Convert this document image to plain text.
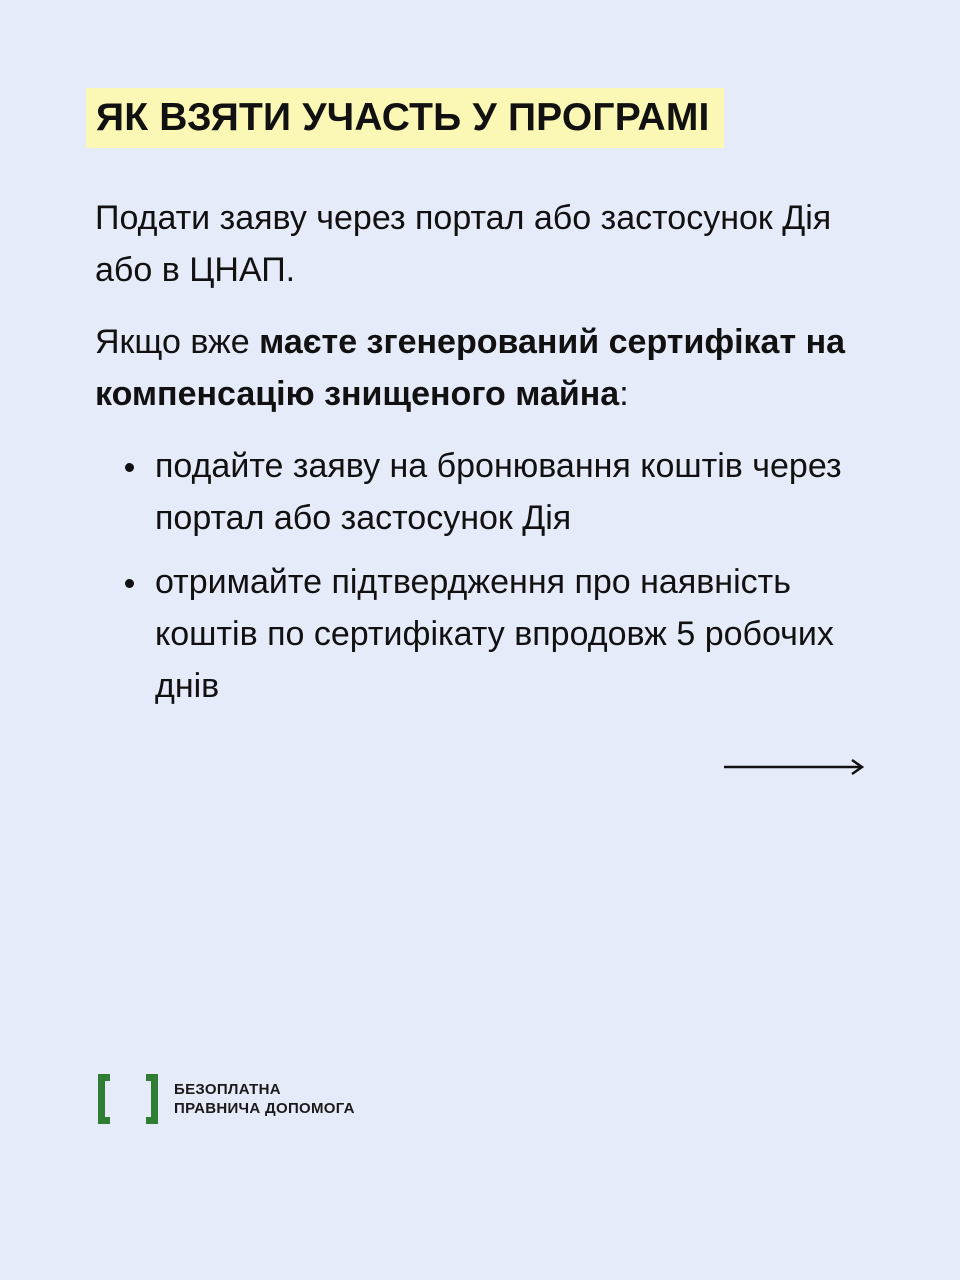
ЯК ВЗЯТИ УЧАСТЬ У ПРОГРАМІ

Подати заяву через портал або застосунок Дія або в ЦНАП.

Якщо вже маєте згенерований сертифікат на компенсацію знищеного майна:

подайте заяву на бронювання коштів через портал або застосунок Дія
отримайте підтвердження про наявність коштів по сертифікату впродовж 5 робочих днів
БЕЗОПЛАТНА
ПРАВНИЧА ДОПОМОГА
